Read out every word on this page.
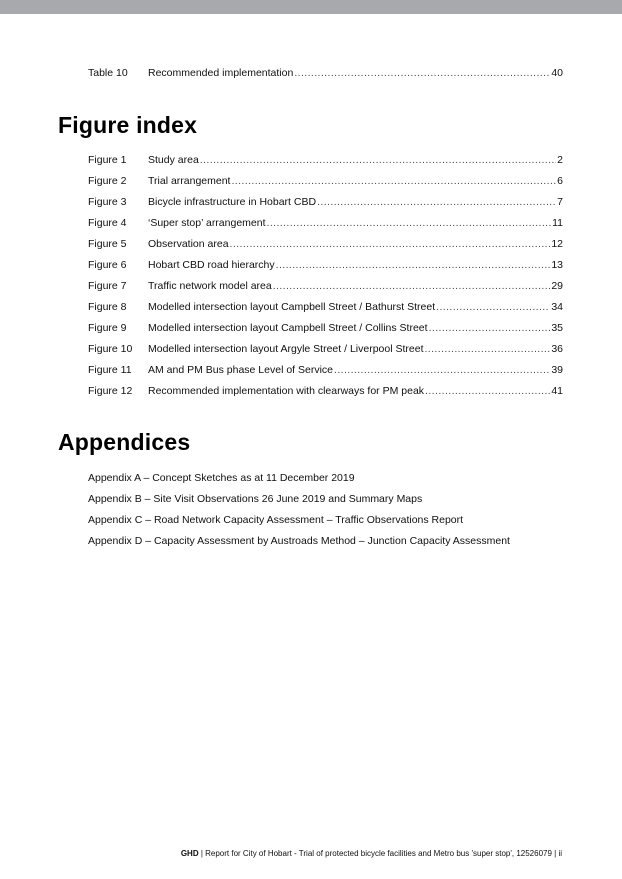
Table 10	Recommended implementation .....	40
Figure index
Figure 1	Study area .....	2
Figure 2	Trial arrangement .....	6
Figure 3	Bicycle infrastructure in Hobart CBD .....	7
Figure 4	‘Super stop’ arrangement .....	11
Figure 5	Observation area .....	12
Figure 6	Hobart CBD road hierarchy .....	13
Figure 7	Traffic network model area .....	29
Figure 8	Modelled intersection layout Campbell Street / Bathurst Street .....	34
Figure 9	Modelled intersection layout Campbell Street / Collins Street .....	35
Figure 10	Modelled intersection layout Argyle Street / Liverpool Street .....	36
Figure 11	AM and PM Bus phase Level of Service .....	39
Figure 12	Recommended implementation with clearways for PM peak .....	41
Appendices
Appendix A – Concept Sketches as at 11 December 2019
Appendix B – Site Visit Observations 26 June 2019 and Summary Maps
Appendix C – Road Network Capacity Assessment – Traffic Observations Report
Appendix D – Capacity Assessment by Austroads Method – Junction Capacity Assessment
GHD | Report for City of Hobart - Trial of protected bicycle facilities and Metro bus 'super stop', 12526079 | ii
